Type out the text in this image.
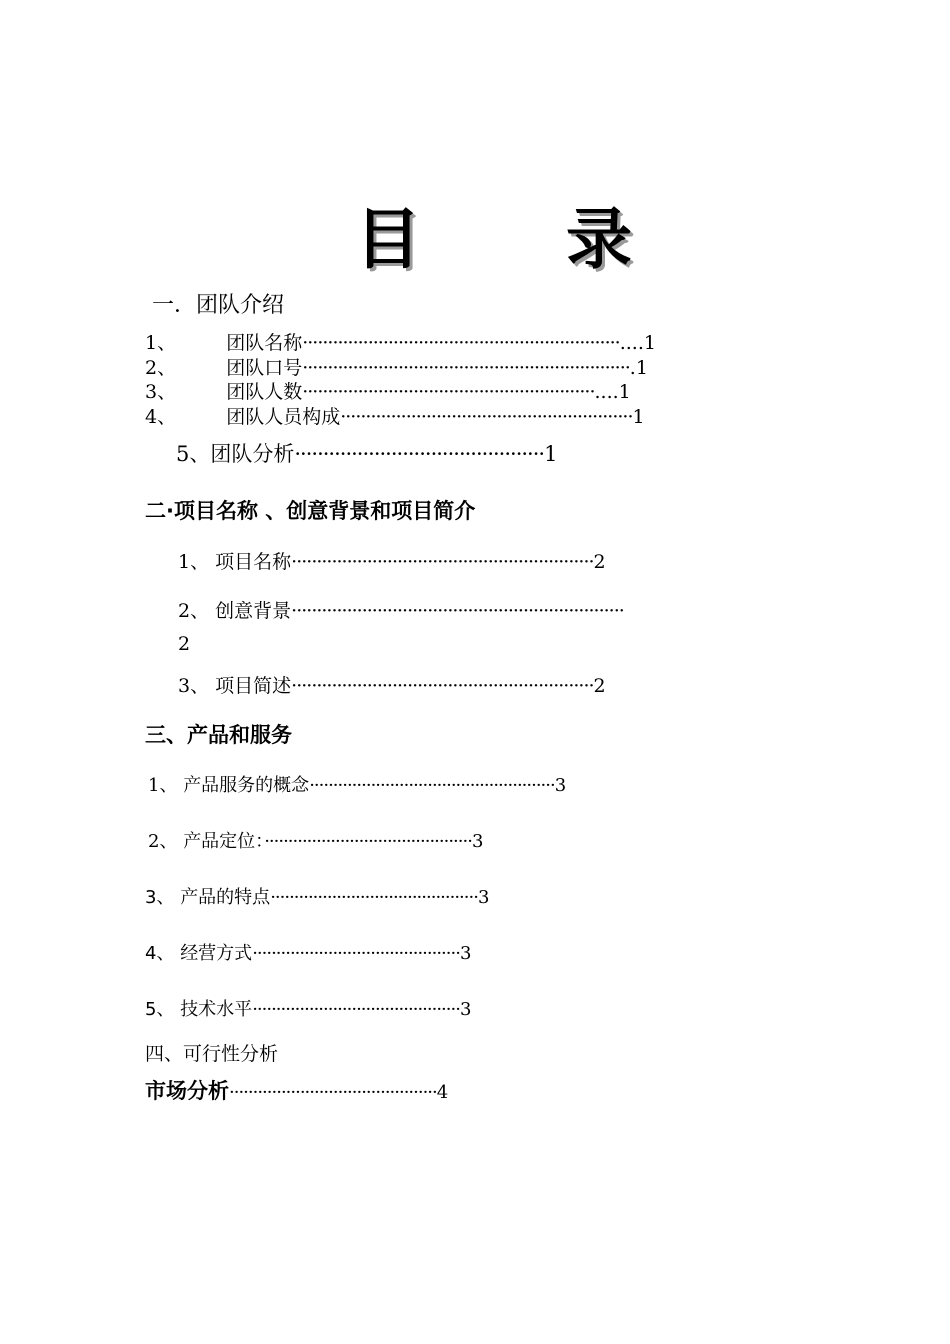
目 录
一．团队介绍
1、	团队名称·······························································....1
2、	团队口号·································································.1
3、	团队人数··························································....1
4、	团队人员构成··························································1
5、团队分析············································1
二·项目名称 、创意背景和项目简介
1、 项目名称····························································2
2、 创意背景··································································
2
3、 项目简述····························································2
三、产品和服务
1、 产品服务的概念····················································3
2、 产品定位：············································3
3、 产品的特点············································3
4、 经营方式············································3
5、 技术水平············································3
四、可行性分析
市场分析············································4
